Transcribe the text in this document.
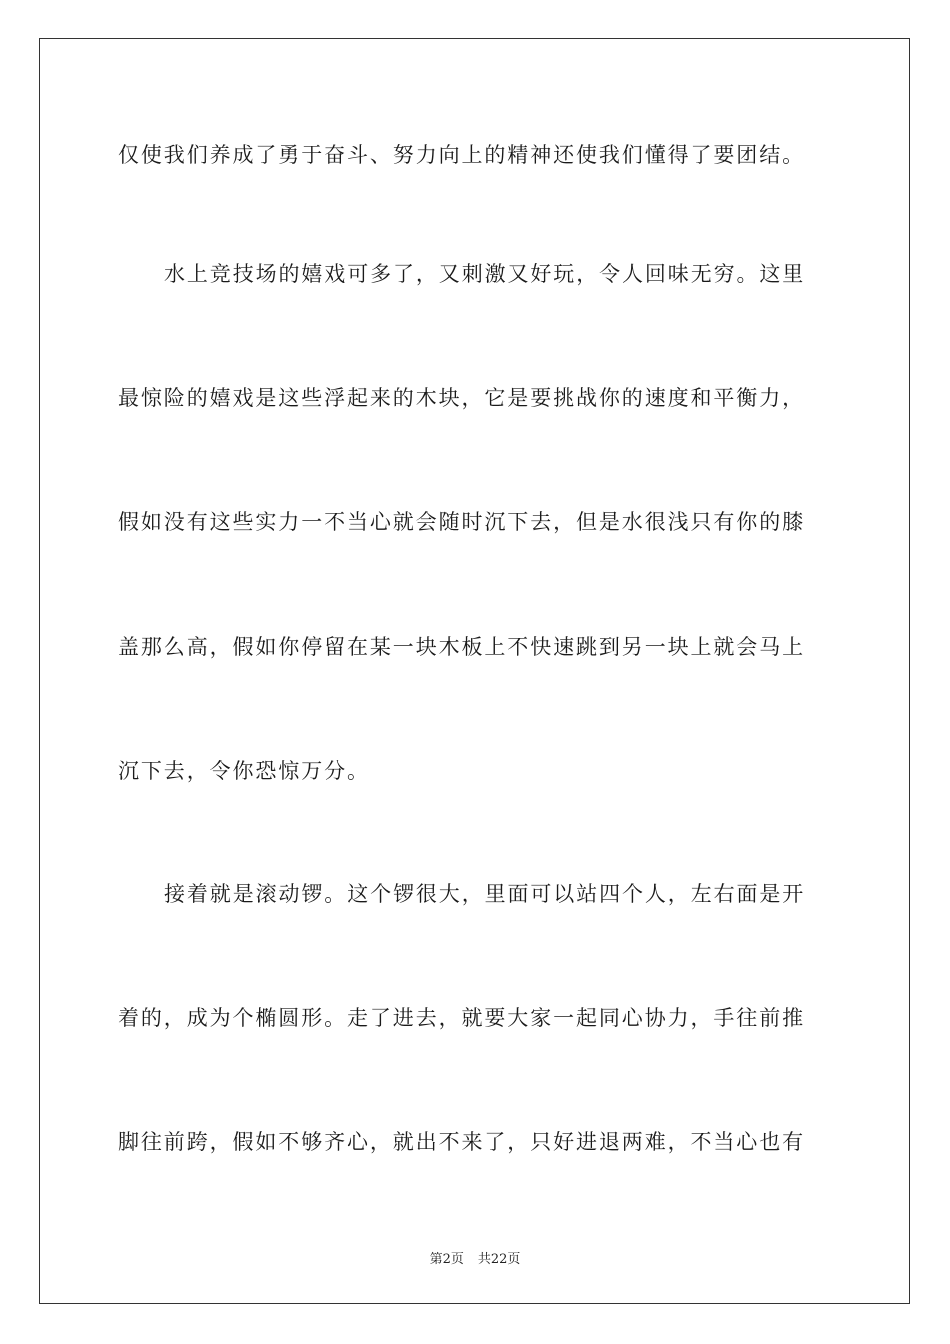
仅使我们养成了勇于奋斗、努力向上的精神还使我们懂得了要团结。
水上竞技场的嬉戏可多了，又刺激又好玩，令人回味无穷。这里
最惊险的嬉戏是这些浮起来的木块，它是要挑战你的速度和平衡力，
假如没有这些实力一不当心就会随时沉下去，但是水很浅只有你的膝
盖那么高，假如你停留在某一块木板上不快速跳到另一块上就会马上
沉下去，令你恐惊万分。
接着就是滚动锣。这个锣很大，里面可以站四个人，左右面是开
着的，成为个椭圆形。走了进去，就要大家一起同心协力，手往前推
脚往前跨，假如不够齐心，就出不来了，只好进退两难，不当心也有
第2页 共22页
